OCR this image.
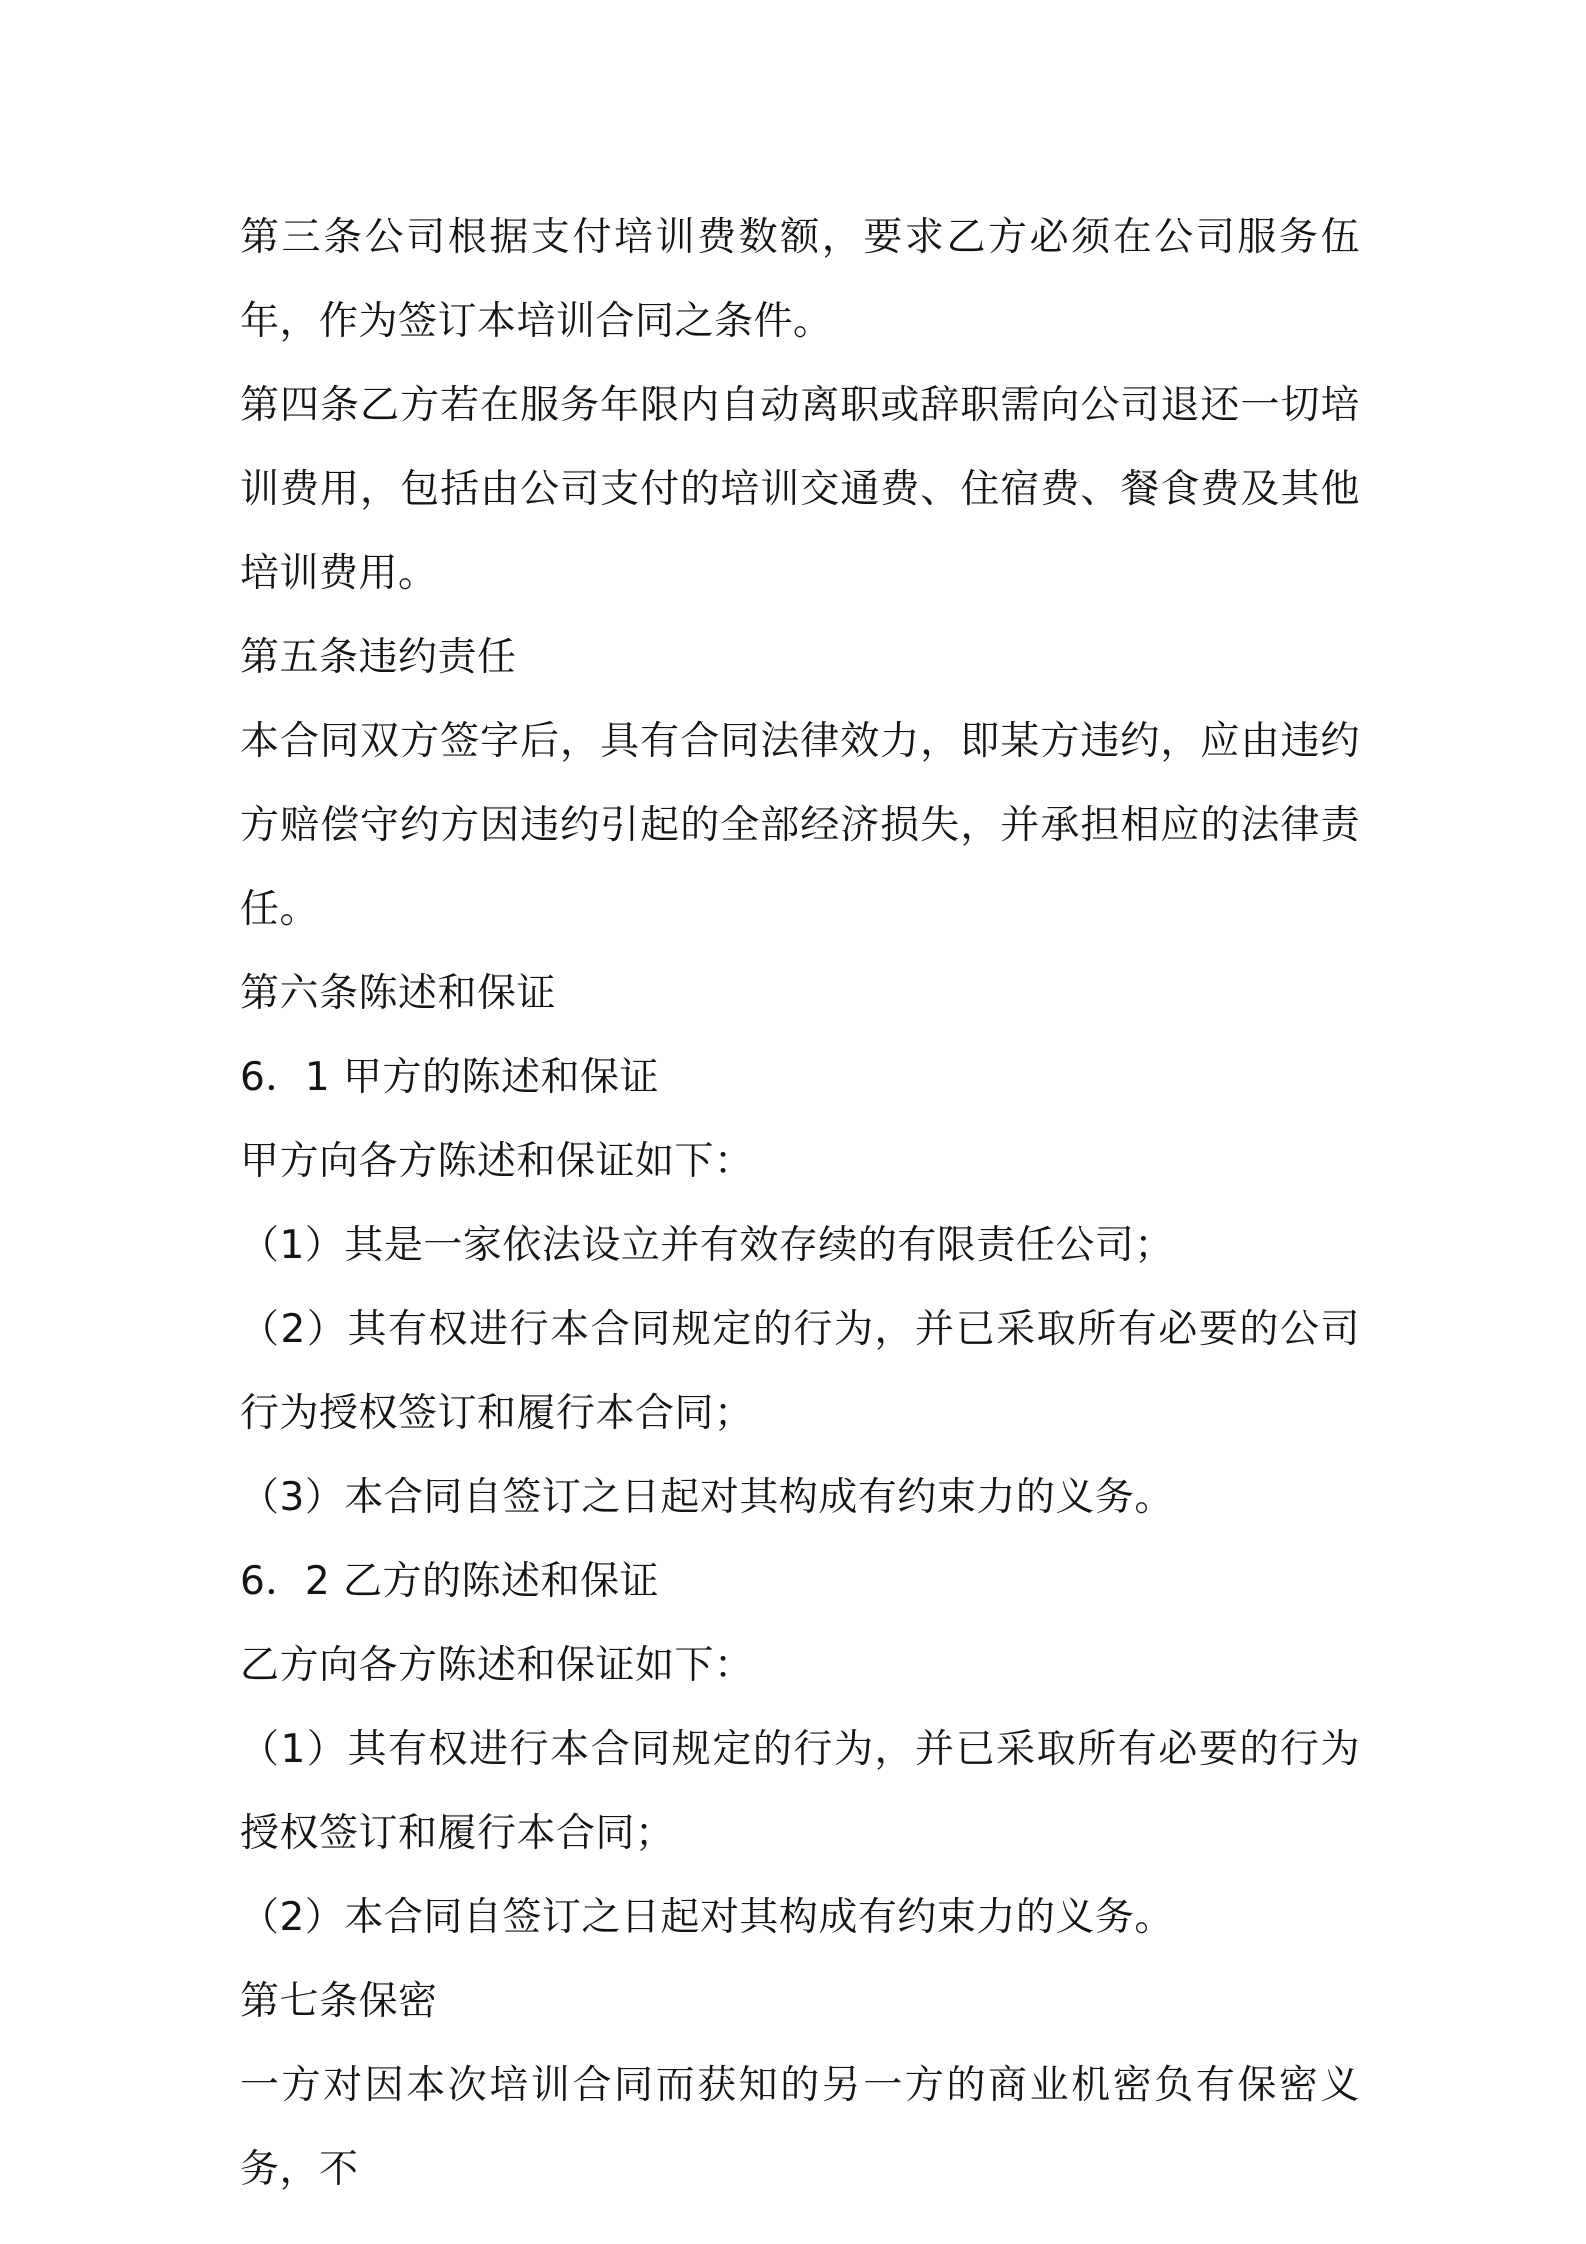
第三条公司根据支付培训费数额，要求乙方必须在公司服务伍年，作为签订本培训合同之条件。

第四条乙方若在服务年限内自动离职或辞职需向公司退还一切培训费用，包括由公司支付的培训交通费、住宿费、餐食费及其他培训费用。

第五条违约责任

本合同双方签字后，具有合同法律效力，即某方违约，应由违约方赔偿守约方因违约引起的全部经济损失，并承担相应的法律责任。

第六条陈述和保证

6．1 甲方的陈述和保证

甲方向各方陈述和保证如下：

（1）其是一家依法设立并有效存续的有限责任公司；

（2）其有权进行本合同规定的行为，并已采取所有必要的公司行为授权签订和履行本合同；

（3）本合同自签订之日起对其构成有约束力的义务。

6．2 乙方的陈述和保证

乙方向各方陈述和保证如下：

（1）其有权进行本合同规定的行为，并已采取所有必要的行为授权签订和履行本合同；

（2）本合同自签订之日起对其构成有约束力的义务。

第七条保密

一方对因本次培训合同而获知的另一方的商业机密负有保密义务，不
